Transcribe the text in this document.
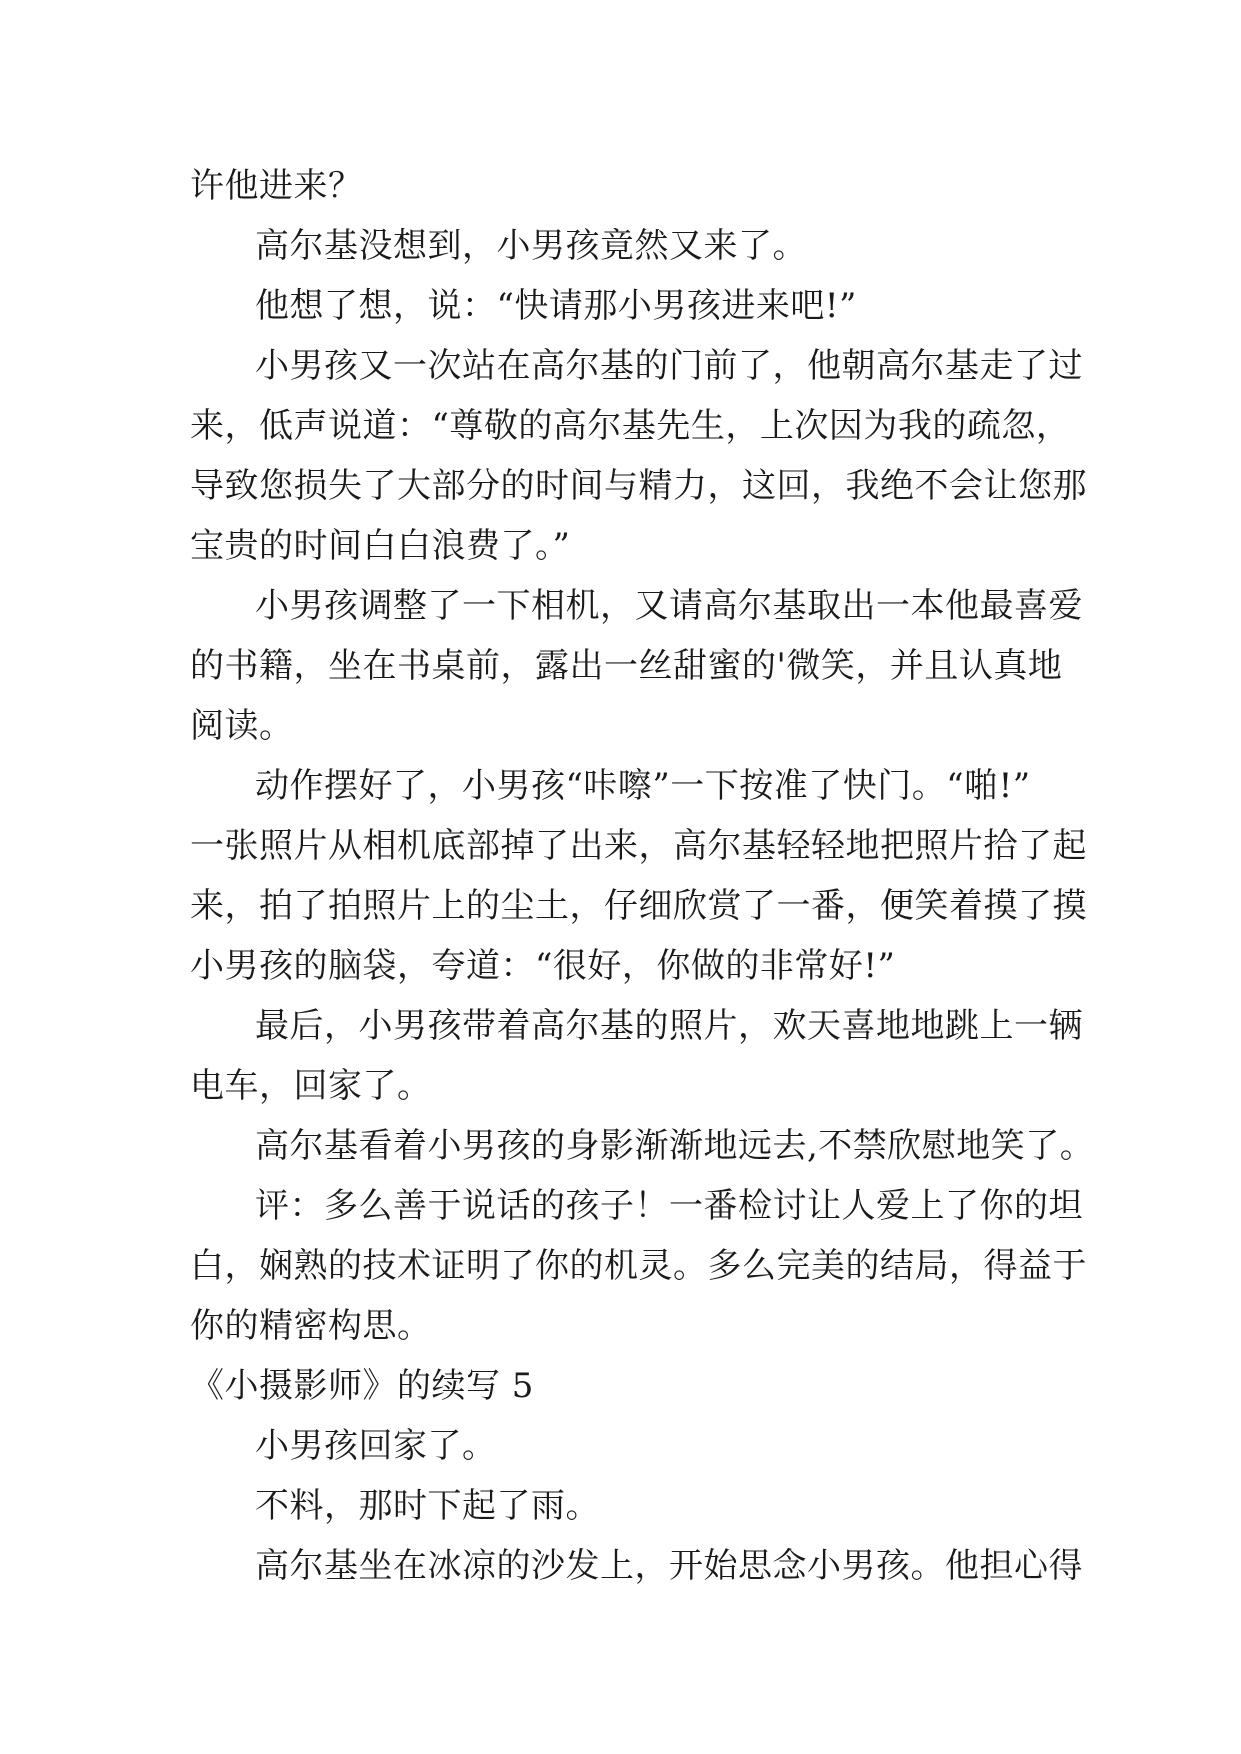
许他进来？
高尔基没想到，小男孩竟然又来了。
他想了想，说：“快请那小男孩进来吧!”
小男孩又一次站在高尔基的门前了，他朝高尔基走了过
来，低声说道：“尊敬的高尔基先生，上次因为我的疏忽，
导致您损失了大部分的时间与精力，这回，我绝不会让您那
宝贵的时间白白浪费了。”
小男孩调整了一下相机，又请高尔基取出一本他最喜爱
的书籍，坐在书桌前，露出一丝甜蜜的'微笑，并且认真地
阅读。
动作摆好了，小男孩“咔嚓”一下按准了快门。“啪!”
一张照片从相机底部掉了出来，高尔基轻轻地把照片拾了起
来，拍了拍照片上的尘土，仔细欣赏了一番，便笑着摸了摸
小男孩的脑袋，夸道：“很好，你做的非常好!”
最后，小男孩带着高尔基的照片，欢天喜地地跳上一辆
电车，回家了。
高尔基看着小男孩的身影渐渐地远去,不禁欣慰地笑了。
评：多么善于说话的孩子！一番检讨让人爱上了你的坦
白，娴熟的技术证明了你的机灵。多么完美的结局，得益于
你的精密构思。
《小摄影师》的续写 5
小男孩回家了。
不料，那时下起了雨。
高尔基坐在冰凉的沙发上，开始思念小男孩。他担心得
